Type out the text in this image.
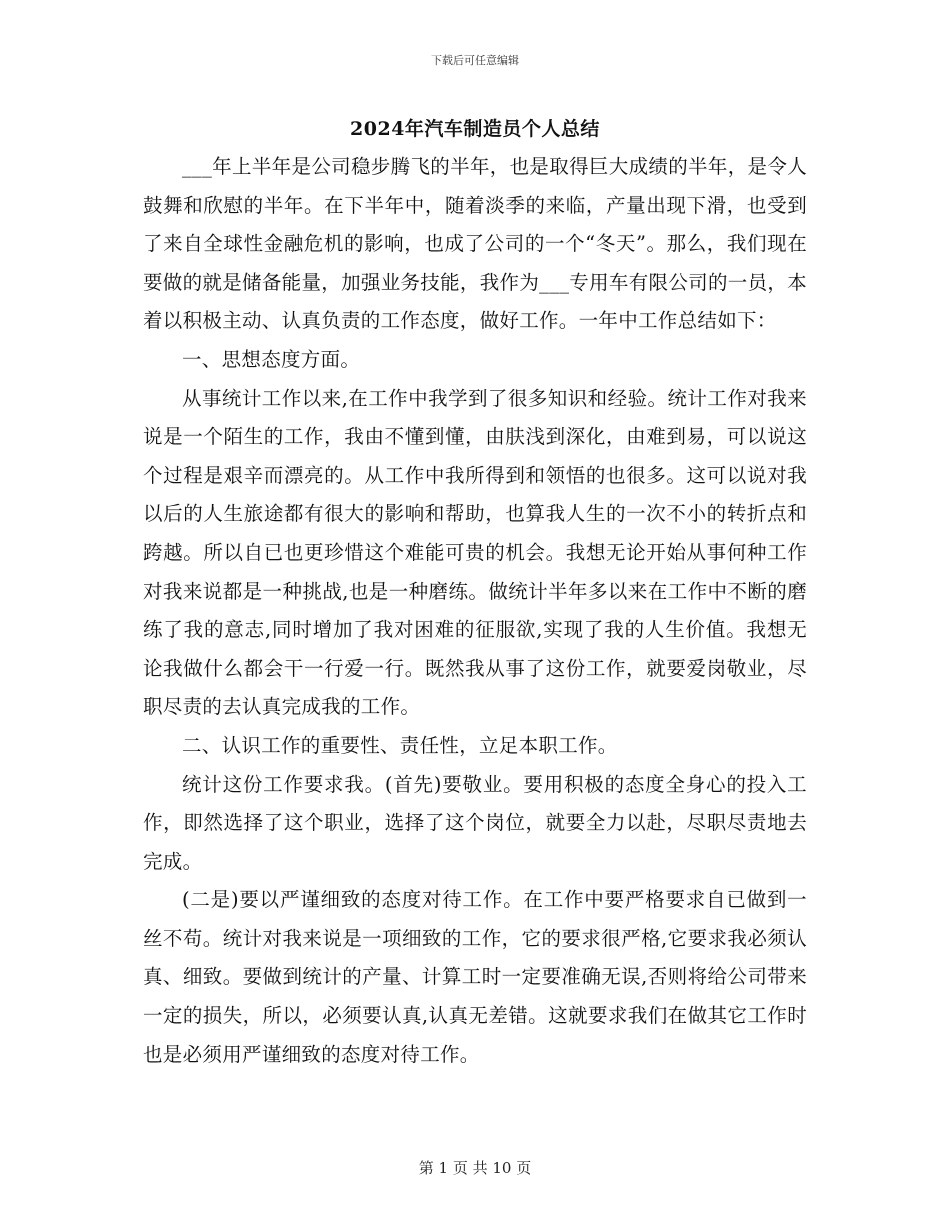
下载后可任意编辑
2024年汽车制造员个人总结

___年上半年是公司稳步腾飞的半年，也是取得巨大成绩的半年，是令人鼓舞和欣慰的半年。在下半年中，随着淡季的来临，产量出现下滑，也受到了来自全球性金融危机的影响，也成了公司的一个“冬天”。那么，我们现在要做的就是储备能量，加强业务技能，我作为___专用车有限公司的一员，本着以积极主动、认真负责的工作态度，做好工作。一年中工作总结如下：

一、思想态度方面。

从事统计工作以来,在工作中我学到了很多知识和经验。统计工作对我来说是一个陌生的工作，我由不懂到懂，由肤浅到深化，由难到易，可以说这个过程是艰辛而漂亮的。从工作中我所得到和领悟的也很多。这可以说对我以后的人生旅途都有很大的影响和帮助，也算我人生的一次不小的转折点和跨越。所以自已也更珍惜这个难能可贵的机会。我想无论开始从事何种工作对我来说都是一种挑战,也是一种磨练。做统计半年多以来在工作中不断的磨练了我的意志,同时增加了我对困难的征服欲,实现了我的人生价值。我想无论我做什么都会干一行爱一行。既然我从事了这份工作，就要爱岗敬业，尽职尽责的去认真完成我的工作。

二、认识工作的重要性、责任性，立足本职工作。

统计这份工作要求我。(首先)要敬业。要用积极的态度全身心的投入工作，即然选择了这个职业，选择了这个岗位，就要全力以赴，尽职尽责地去完成。

(二是)要以严谨细致的态度对待工作。在工作中要严格要求自已做到一丝不苟。统计对我来说是一项细致的工作，它的要求很严格,它要求我必须认真、细致。要做到统计的产量、计算工时一定要准确无误,否则将给公司带来一定的损失，所以，必须要认真,认真无差错。这就要求我们在做其它工作时也是必须用严谨细致的态度对待工作。

第 1 页 共 10 页
